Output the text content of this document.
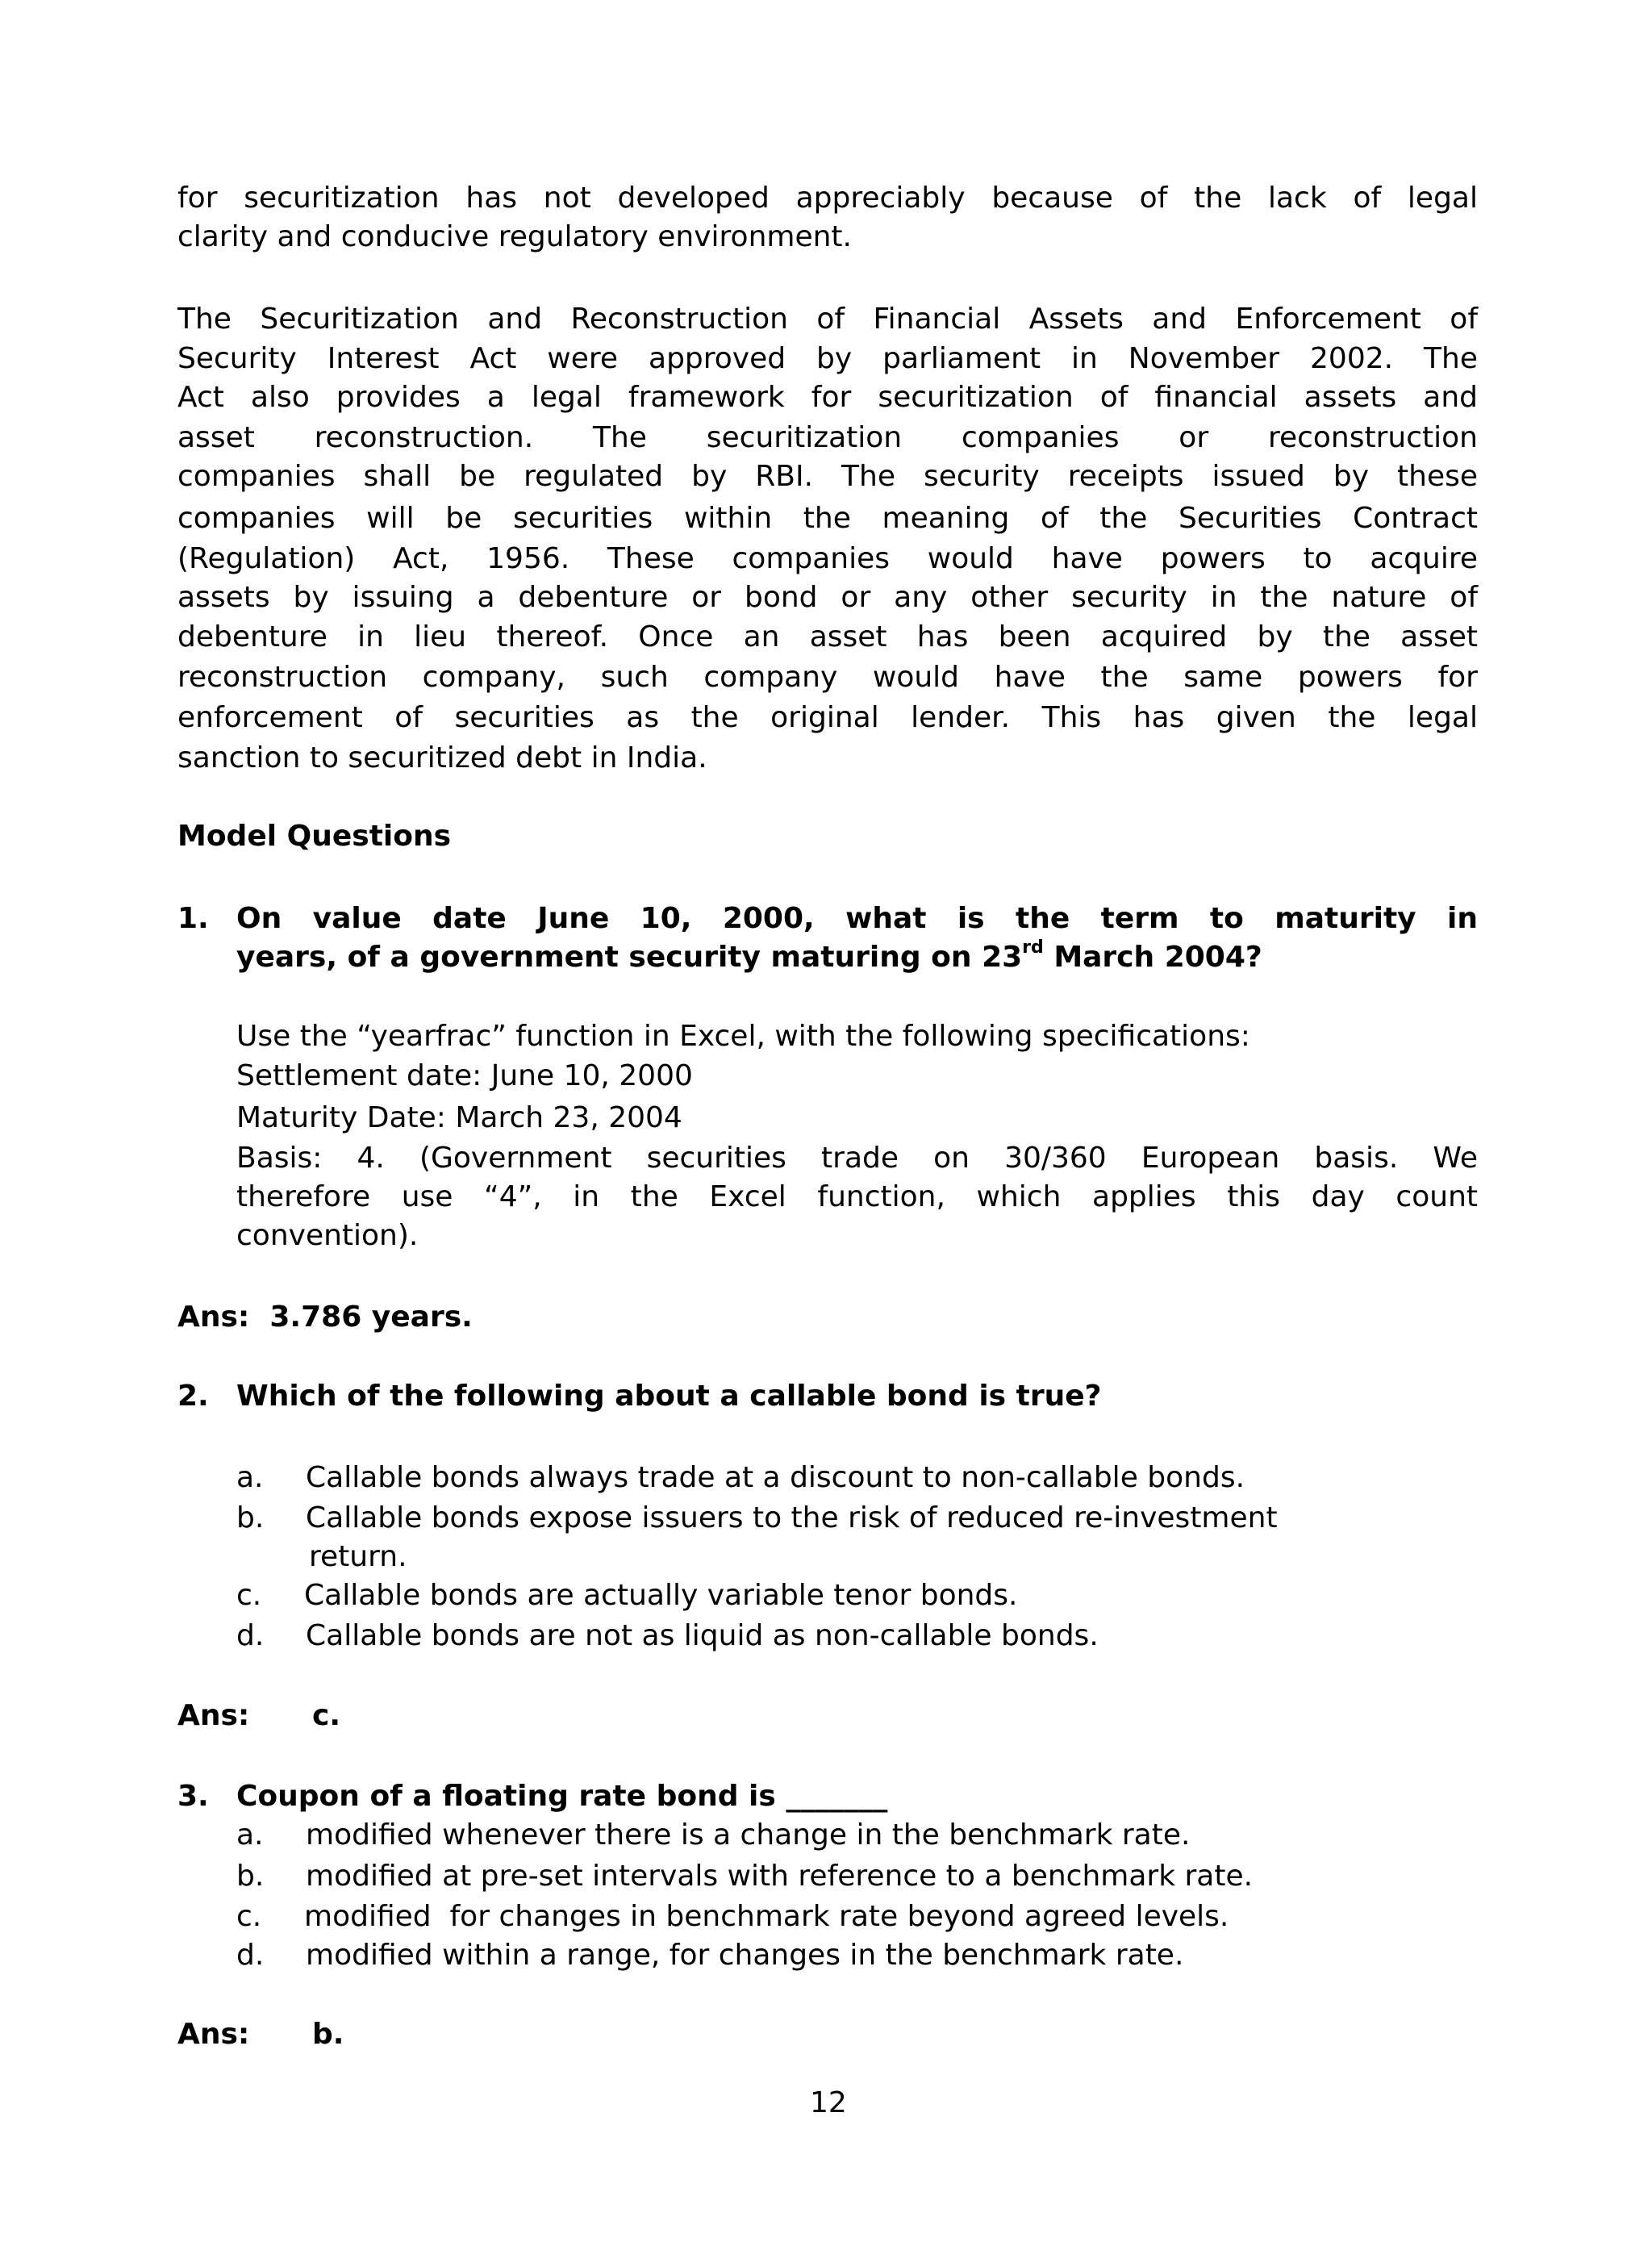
for securitization has not developed appreciably because of the lack of legal
clarity and conducive regulatory environment.
The Securitization and Reconstruction of Financial Assets and Enforcement of
Security Interest Act were approved by parliament in November 2002. The
Act also provides a legal framework for securitization of financial assets and
asset reconstruction. The securitization companies or reconstruction
companies shall be regulated by RBI. The security receipts issued by these
companies will be securities within the meaning of the Securities Contract
(Regulation) Act, 1956. These companies would have powers to acquire
assets by issuing a debenture or bond or any other security in the nature of
debenture in lieu thereof. Once an asset has been acquired by the asset
reconstruction company, such company would have the same powers for
enforcement of securities as the original lender. This has given the legal
sanction to securitized debt in India.
Model Questions
1. On value date June 10, 2000, what is the term to maturity in
years, of a government security maturing on 23rd March 2004?
Use the “yearfrac” function in Excel, with the following specifications:
Settlement date: June 10, 2000
Maturity Date: March 23, 2004
Basis: 4. (Government securities trade on 30/360 European basis. We
therefore use “4”, in the Excel function, which applies this day count
convention).
Ans:  3.786 years.
2. Which of the following about a callable bond is true?
a. Callable bonds always trade at a discount to non-callable bonds.
b. Callable bonds expose issuers to the risk of reduced re-investment
return.
c. Callable bonds are actually variable tenor bonds.
d. Callable bonds are not as liquid as non-callable bonds.
Ans: c.
3. Coupon of a floating rate bond is _______
a. modified whenever there is a change in the benchmark rate.
b. modified at pre-set intervals with reference to a benchmark rate.
c. modified  for changes in benchmark rate beyond agreed levels.
d. modified within a range, for changes in the benchmark rate.
Ans: b.
12
